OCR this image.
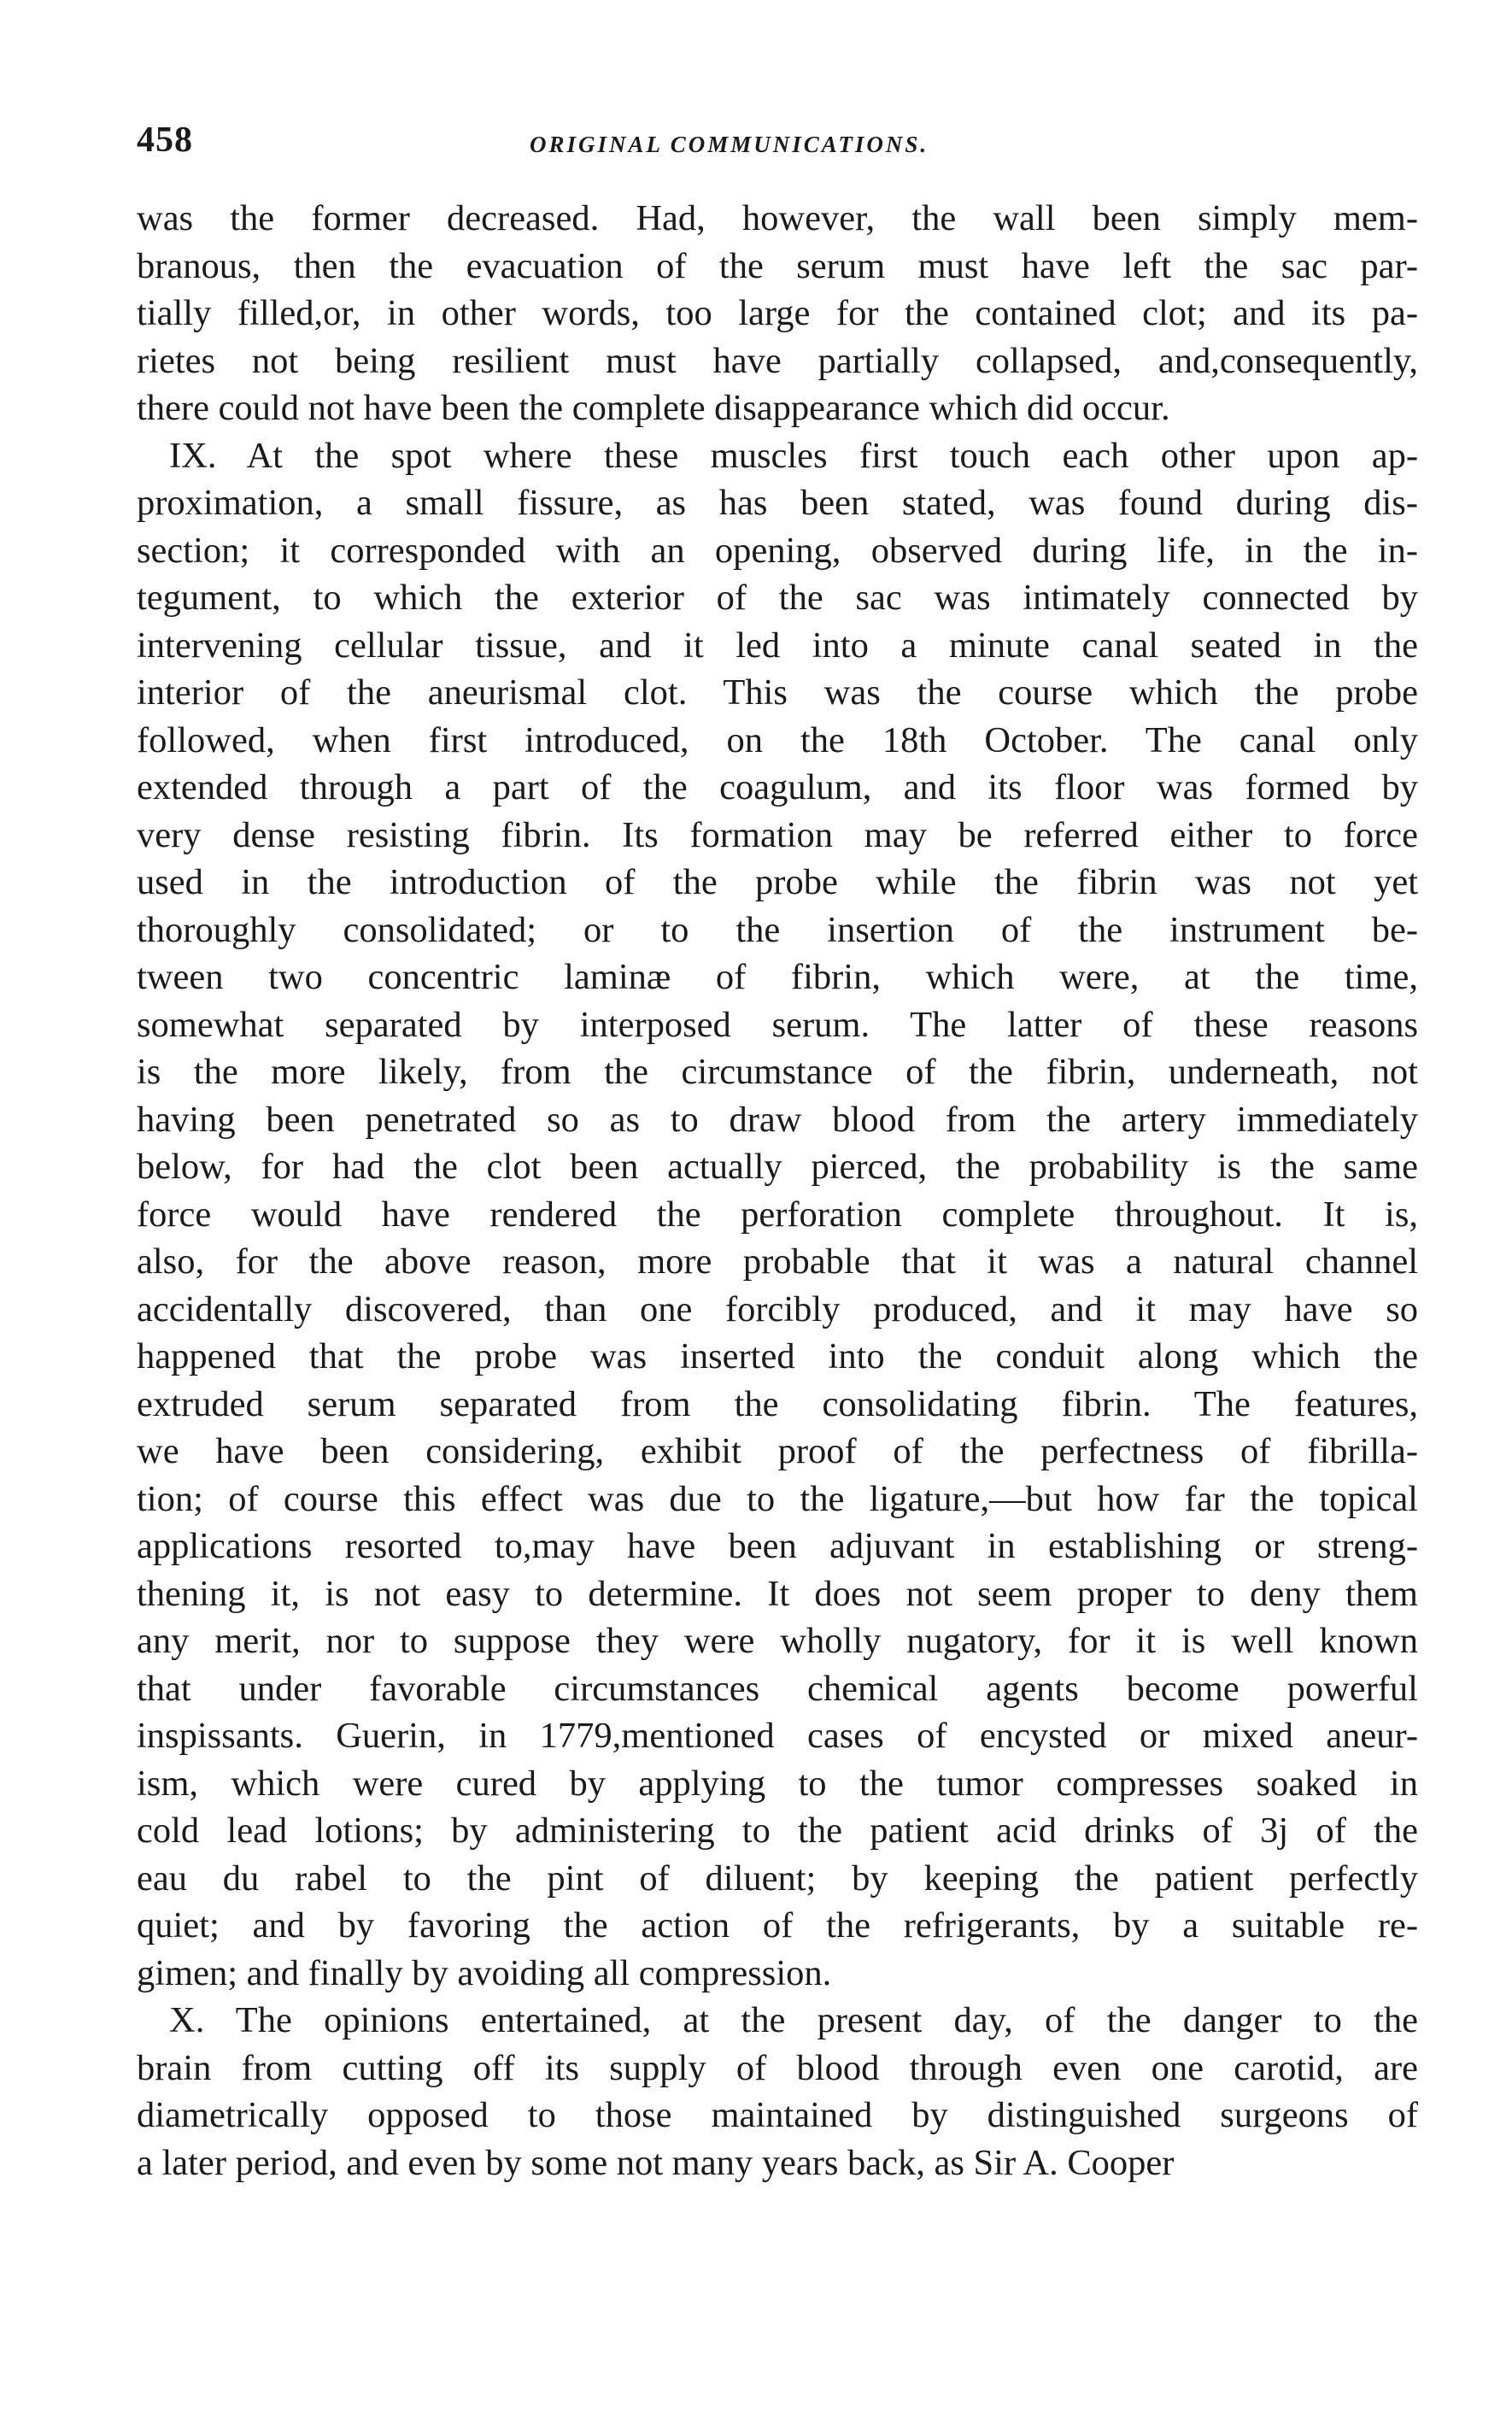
458	ORIGINAL COMMUNICATIONS.
was the former decreased. Had, however, the wall been simply mem-
branous, then the evacuation of the serum must have left the sac par-
tially filled,or, in other words, too large for the contained clot; and its pa-
rietes not being resilient must have partially collapsed, and,consequently,
there could not have been the complete disappearance which did occur.
IX. At the spot where these muscles first touch each other upon ap-
proximation, a small fissure, as has been stated, was found during dis-
section; it corresponded with an opening, observed during life, in the in-
tegument, to which the exterior of the sac was intimately connected by
intervening cellular tissue, and it led into a minute canal seated in the
interior of the aneurismal clot. This was the course which the probe
followed, when first introduced, on the 18th October. The canal only
extended through a part of the coagulum, and its floor was formed by
very dense resisting fibrin. Its formation may be referred either to force
used in the introduction of the probe while the fibrin was not yet
thoroughly consolidated; or to the insertion of the instrument be-
tween two concentric laminæ of fibrin, which were, at the time,
somewhat separated by interposed serum. The latter of these reasons
is the more likely, from the circumstance of the fibrin, underneath, not
having been penetrated so as to draw blood from the artery immediately
below, for had the clot been actually pierced, the probability is the same
force would have rendered the perforation complete throughout. It is,
also, for the above reason, more probable that it was a natural channel
accidentally discovered, than one forcibly produced, and it may have so
happened that the probe was inserted into the conduit along which the
extruded serum separated from the consolidating fibrin. The features,
we have been considering, exhibit proof of the perfectness of fibrilla-
tion; of course this effect was due to the ligature,—but how far the topical
applications resorted to,may have been adjuvant in establishing or streng-
thening it, is not easy to determine. It does not seem proper to deny them
any merit, nor to suppose they were wholly nugatory, for it is well known
that under favorable circumstances chemical agents become powerful
inspissants. Guerin, in 1779,mentioned cases of encysted or mixed aneur-
ism, which were cured by applying to the tumor compresses soaked in
cold lead lotions; by administering to the patient acid drinks of 3j of the
eau du rabel to the pint of diluent; by keeping the patient perfectly
quiet; and by favoring the action of the refrigerants, by a suitable re-
gimen; and finally by avoiding all compression.
X. The opinions entertained, at the present day, of the danger to the
brain from cutting off its supply of blood through even one carotid, are
diametrically opposed to those maintained by distinguished surgeons of
a later period, and even by some not many years back, as Sir A. Cooper
